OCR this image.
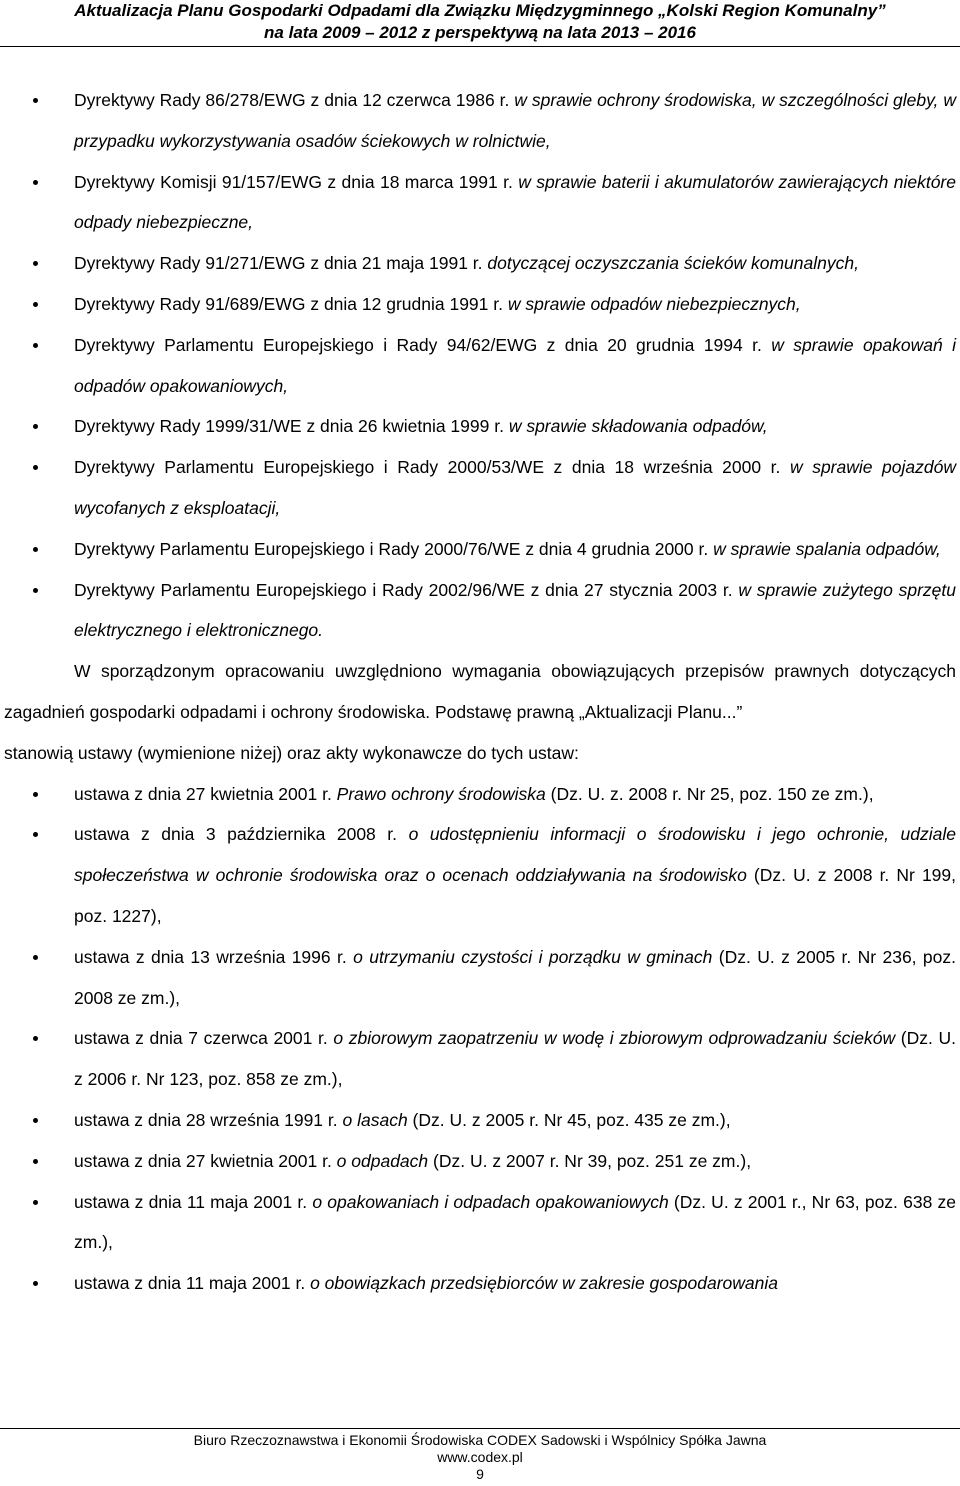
Aktualizacja Planu Gospodarki Odpadami dla Związku Międzygminnego „Kolski Region Komunalny”
na lata 2009 – 2012 z perspektywą na lata 2013 – 2016
Dyrektywy Rady 86/278/EWG z dnia 12 czerwca 1986 r. w sprawie ochrony środowiska, w szczególności gleby, w przypadku wykorzystywania osadów ściekowych w rolnictwie,
Dyrektywy Komisji 91/157/EWG z dnia 18 marca 1991 r. w sprawie baterii i akumulatorów zawierających niektóre odpady niebezpieczne,
Dyrektywy Rady 91/271/EWG z dnia 21 maja 1991 r. dotyczącej oczyszczania ścieków komunalnych,
Dyrektywy Rady 91/689/EWG z dnia 12 grudnia 1991 r. w sprawie odpadów niebezpiecznych,
Dyrektywy Parlamentu Europejskiego i Rady 94/62/EWG z dnia 20 grudnia 1994 r. w sprawie opakowań i odpadów opakowaniowych,
Dyrektywy Rady 1999/31/WE z dnia 26 kwietnia 1999 r. w sprawie składowania odpadów,
Dyrektywy Parlamentu Europejskiego i Rady 2000/53/WE z dnia 18 września 2000 r. w sprawie pojazdów wycofanych z eksploatacji,
Dyrektywy Parlamentu Europejskiego i Rady 2000/76/WE z dnia 4 grudnia 2000 r. w sprawie spalania odpadów,
Dyrektywy Parlamentu Europejskiego i Rady 2002/96/WE z dnia 27 stycznia 2003 r. w sprawie zużytego sprzętu elektrycznego i elektronicznego.
W sporządzonym opracowaniu uwzględniono wymagania obowiązujących przepisów prawnych dotyczących zagadnień gospodarki odpadami i ochrony środowiska. Podstawę prawną „Aktualizacji Planu...”
stanowią ustawy (wymienione niżej) oraz akty wykonawcze do tych ustaw:
ustawa z dnia 27 kwietnia 2001 r. Prawo ochrony środowiska (Dz. U. z. 2008 r. Nr 25, poz. 150 ze zm.),
ustawa z dnia 3 października 2008 r. o udostępnieniu informacji o środowisku i jego ochronie, udziale społeczeństwa w ochronie środowiska oraz o ocenach oddziaływania na środowisko (Dz. U. z 2008 r. Nr 199, poz. 1227),
ustawa z dnia 13 września 1996 r. o utrzymaniu czystości i porządku w gminach (Dz. U. z 2005 r. Nr 236, poz. 2008 ze zm.),
ustawa z dnia 7 czerwca 2001 r. o zbiorowym zaopatrzeniu w wodę i zbiorowym odprowadzaniu ścieków (Dz. U. z 2006 r. Nr 123, poz. 858 ze zm.),
ustawa z dnia 28 września 1991 r. o lasach (Dz. U. z 2005 r. Nr 45, poz. 435 ze zm.),
ustawa z dnia 27 kwietnia 2001 r. o odpadach (Dz. U. z 2007 r. Nr 39, poz. 251 ze zm.),
ustawa z dnia 11 maja 2001 r. o opakowaniach i odpadach opakowaniowych (Dz. U. z 2001 r., Nr 63, poz. 638 ze zm.),
ustawa z dnia 11 maja 2001 r. o obowiązkach przedsiębiorców w zakresie gospodarowania
Biuro Rzeczoznawstwa i Ekonomii Środowiska CODEX Sadowski i Wspólnicy Spółka Jawna
www.codex.pl
9
